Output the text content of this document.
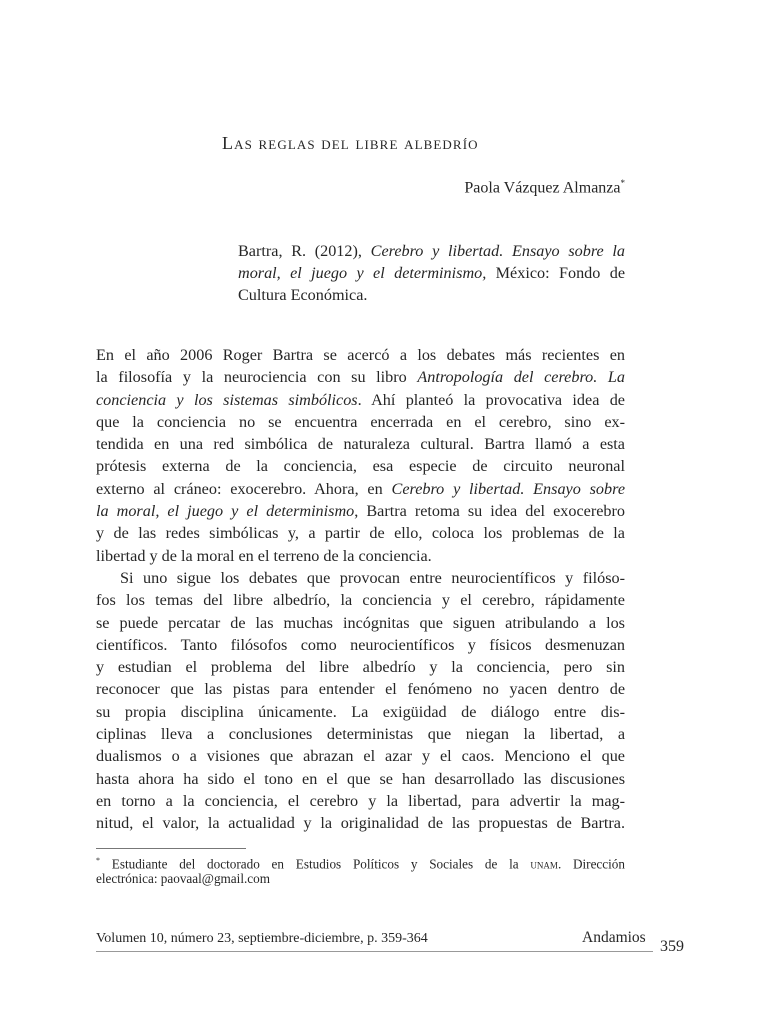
Las reglas del libre albedrío
Paola Vázquez Almanza*
Bartra, R. (2012), Cerebro y libertad. Ensayo sobre la
moral, el juego y el determinismo, México: Fondo de
Cultura Económica.
En el año 2006 Roger Bartra se acercó a los debates más recientes en
la filosofía y la neurociencia con su libro Antropología del cerebro. La
conciencia y los sistemas simbólicos. Ahí planteó la provocativa idea de
que la conciencia no se encuentra encerrada en el cerebro, sino ex-
tendida en una red simbólica de naturaleza cultural. Bartra llamó a esta
prótesis externa de la conciencia, esa especie de circuito neuronal
externo al cráneo: exocerebro. Ahora, en Cerebro y libertad. Ensayo sobre
la moral, el juego y el determinismo, Bartra retoma su idea del exocerebro
y de las redes simbólicas y, a partir de ello, coloca los problemas de la
libertad y de la moral en el terreno de la conciencia.
Si uno sigue los debates que provocan entre neurocientíficos y filóso-
fos los temas del libre albedrío, la conciencia y el cerebro, rápidamente
se puede percatar de las muchas incógnitas que siguen atribulando a los
científicos. Tanto filósofos como neurocientíficos y físicos desmenuzan
y estudian el problema del libre albedrío y la conciencia, pero sin
reconocer que las pistas para entender el fenómeno no yacen dentro de
su propia disciplina únicamente. La exigüidad de diálogo entre dis-
ciplinas lleva a conclusiones deterministas que niegan la libertad, a
dualismos o a visiones que abrazan el azar y el caos. Menciono el que
hasta ahora ha sido el tono en el que se han desarrollado las discusiones
en torno a la conciencia, el cerebro y la libertad, para advertir la mag-
nitud, el valor, la actualidad y la originalidad de las propuestas de Bartra.
* Estudiante del doctorado en Estudios Políticos y Sociales de la unam. Dirección
electrónica: paovaal@gmail.com
Volumen 10, número 23, septiembre-diciembre, p. 359-364	Andamios
359
